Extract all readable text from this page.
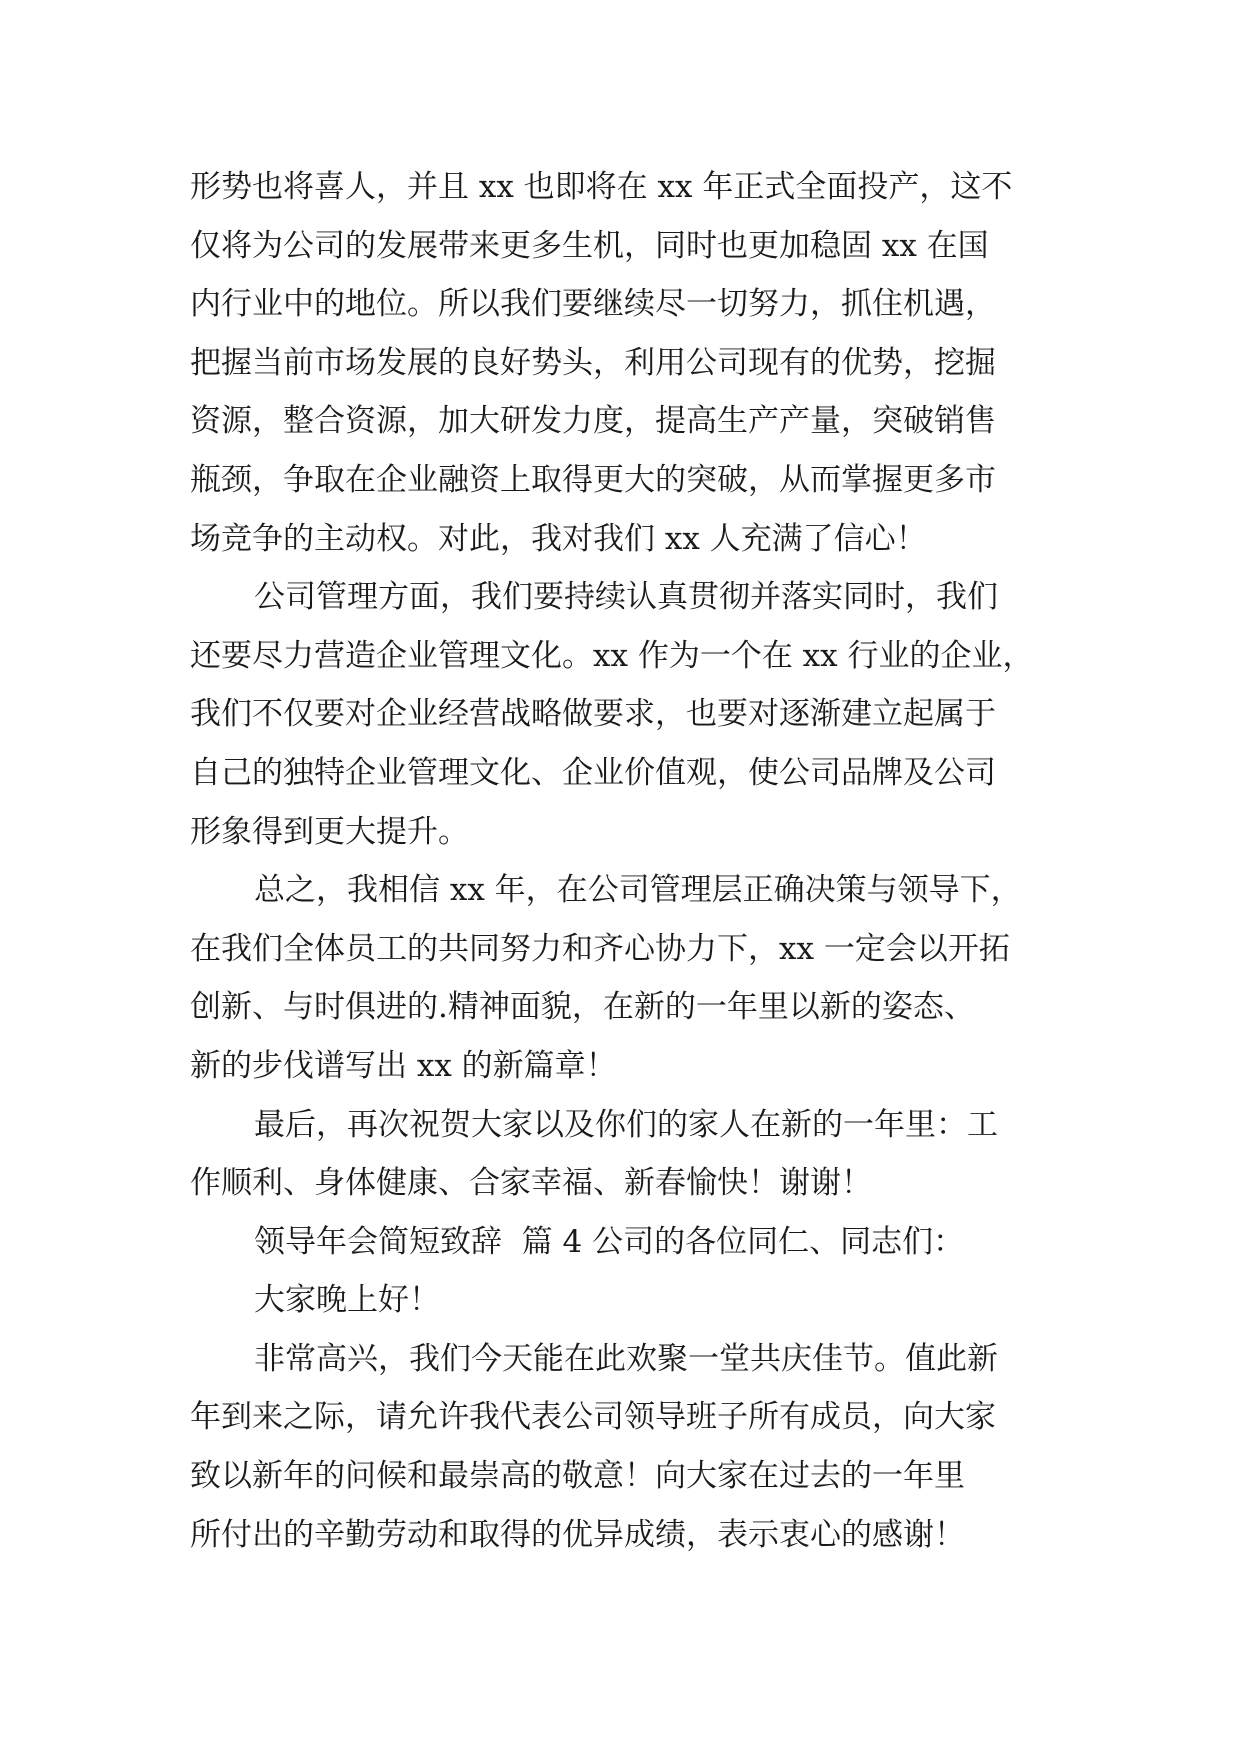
形势也将喜人，并且 xx 也即将在 xx 年正式全面投产，这不
仅将为公司的发展带来更多生机，同时也更加稳固 xx 在国
内行业中的地位。所以我们要继续尽一切努力，抓住机遇，
把握当前市场发展的良好势头，利用公司现有的优势，挖掘
资源，整合资源，加大研发力度，提高生产产量，突破销售
瓶颈，争取在企业融资上取得更大的突破，从而掌握更多市
场竞争的主动权。对此，我对我们 xx 人充满了信心！
公司管理方面，我们要持续认真贯彻并落实同时，我们
还要尽力营造企业管理文化。xx 作为一个在 xx 行业的企业，
我们不仅要对企业经营战略做要求，也要对逐渐建立起属于
自己的独特企业管理文化、企业价值观，使公司品牌及公司
形象得到更大提升。
总之，我相信 xx 年，在公司管理层正确决策与领导下，
在我们全体员工的共同努力和齐心协力下，xx 一定会以开拓
创新、与时俱进的.精神面貌，在新的一年里以新的姿态、
新的步伐谱写出 xx 的新篇章！
最后，再次祝贺大家以及你们的家人在新的一年里：工
作顺利、身体健康、合家幸福、新春愉快！谢谢！
领导年会简短致辞  篇 4 公司的各位同仁、同志们：
大家晚上好！
非常高兴，我们今天能在此欢聚一堂共庆佳节。值此新
年到来之际，请允许我代表公司领导班子所有成员，向大家
致以新年的问候和最崇高的敬意！向大家在过去的一年里
所付出的辛勤劳动和取得的优异成绩，表示衷心的感谢！
